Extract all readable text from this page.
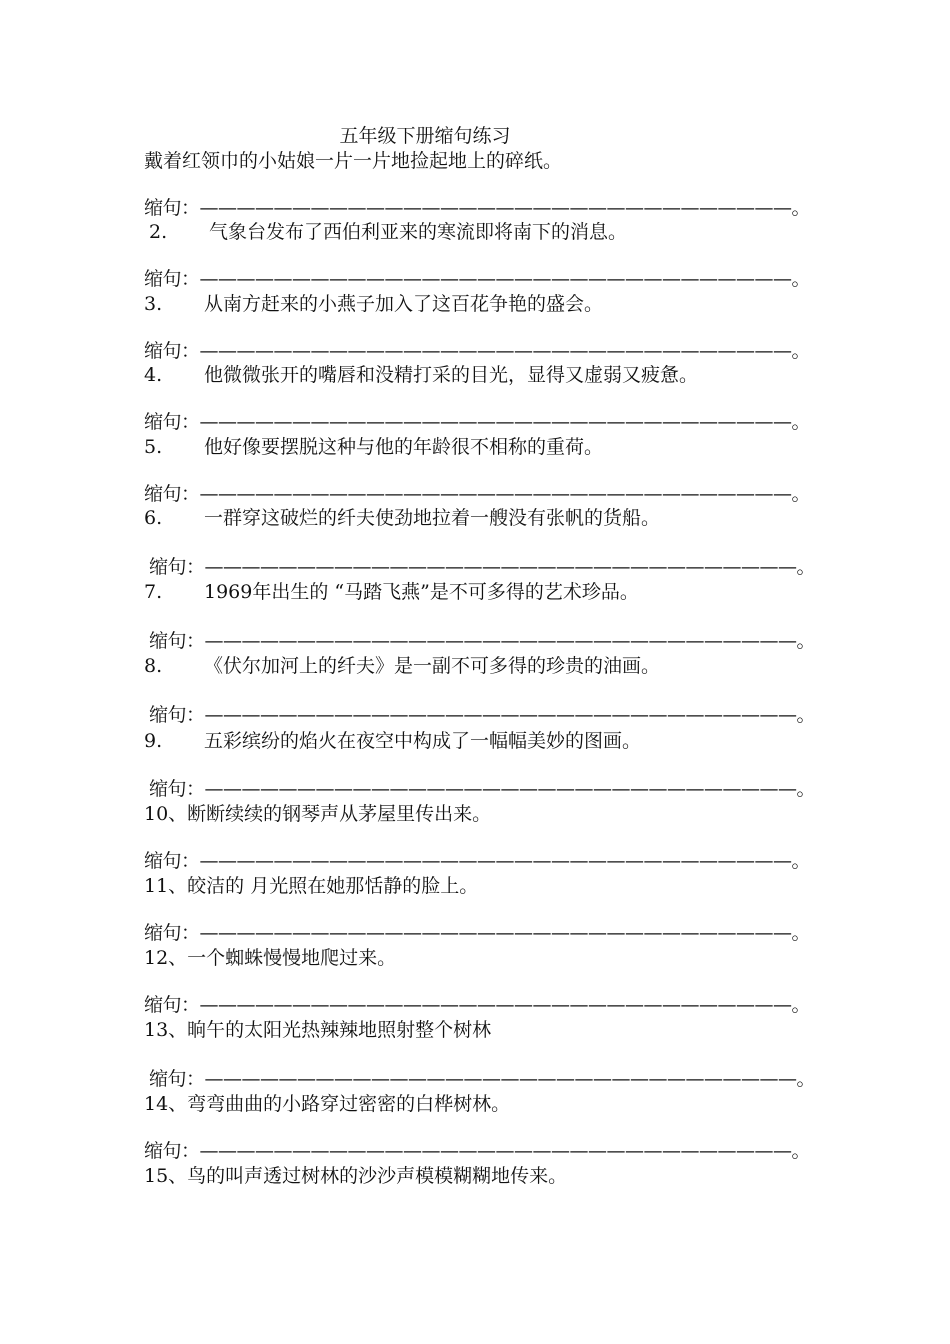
五年级下册缩句练习
戴着红领巾的小姑娘一片一片地捡起地上的碎纸。
缩句：————————————————————————————————。
2. 气象台发布了西伯利亚来的寒流即将南下的消息。
缩句：————————————————————————————————。
3. 从南方赶来的小燕子加入了这百花争艳的盛会。
缩句：————————————————————————————————。
4. 他微微张开的嘴唇和没精打采的目光，显得又虚弱又疲惫。
缩句：————————————————————————————————。
5. 他好像要摆脱这种与他的年龄很不相称的重荷。
缩句：————————————————————————————————。
6. 一群穿这破烂的纤夫使劲地拉着一艘没有张帆的货船。
缩句：————————————————————————————————。
7. 1969年出生的 “马踏飞燕”是不可多得的艺术珍品。
缩句：————————————————————————————————。
8. 《伏尔加河上的纤夫》是一副不可多得的珍贵的油画。
缩句：————————————————————————————————。
9. 五彩缤纷的焰火在夜空中构成了一幅幅美妙的图画。
缩句：————————————————————————————————。
10、断断续续的钢琴声从茅屋里传出来。
缩句：————————————————————————————————。
11、皎洁的 月光照在她那恬静的脸上。
缩句：————————————————————————————————。
12、一个蜘蛛慢慢地爬过来。
缩句：————————————————————————————————。
13、晌午的太阳光热辣辣地照射整个树林
缩句：————————————————————————————————。
14、弯弯曲曲的小路穿过密密的白桦树林。
缩句：————————————————————————————————。
15、鸟的叫声透过树林的沙沙声模模糊糊地传来。
